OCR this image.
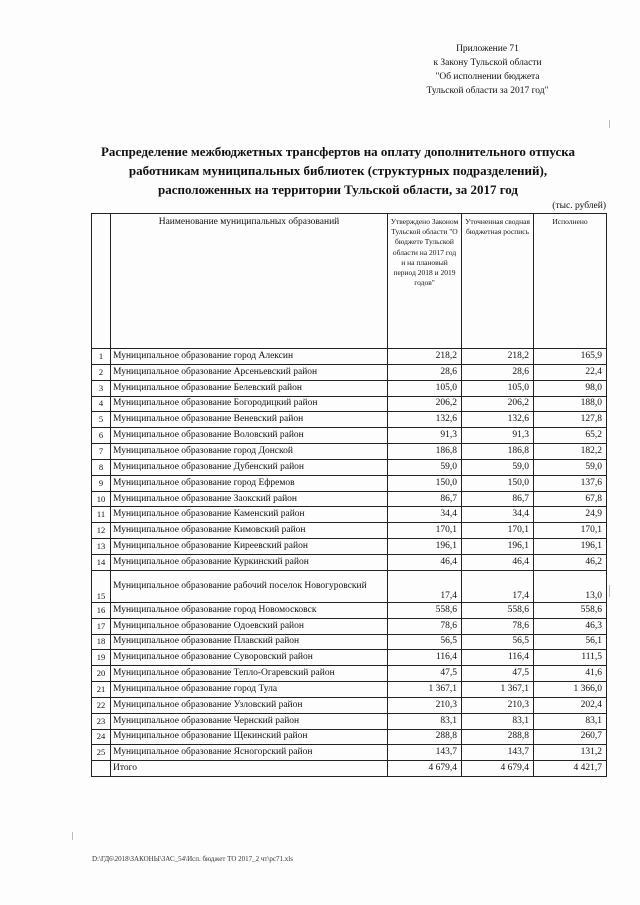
Приложение 71
к Закону Тульской области
"Об исполнении бюджета
Тульской области за 2017 год"
Распределение межбюджетных трансфертов на оплату дополнительного отпуска
работникам муниципальных библиотек (структурных подразделений),
расположенных на территории Тульской области, за 2017 год
(тыс. рублей)
	Наименование муниципальных образований	Утверждено Законом Тульской области "О бюджете Тульской области на 2017 год и на плановый период 2018 и 2019 годов"	Уточненная сводная бюджетная роспись	Исполнено
1	Муниципальное образование город Алексин	218,2	218,2	165,9
2	Муниципальное образование Арсеньевский район	28,6	28,6	22,4
3	Муниципальное образование Белевский район	105,0	105,0	98,0
4	Муниципальное образование Богородицкий район	206,2	206,2	188,0
5	Муниципальное образование Веневский район	132,6	132,6	127,8
6	Муниципальное образование Воловский район	91,3	91,3	65,2
7	Муниципальное образование город Донской	186,8	186,8	182,2
8	Муниципальное образование Дубенский район	59,0	59,0	59,0
9	Муниципальное образование город Ефремов	150,0	150,0	137,6
10	Муниципальное образование Заокский район	86,7	86,7	67,8
11	Муниципальное образование Каменский район	34,4	34,4	24,9
12	Муниципальное образование Кимовский район	170,1	170,1	170,1
13	Муниципальное образование Киреевский район	196,1	196,1	196,1
14	Муниципальное образование Куркинский район	46,4	46,4	46,2
15	Муниципальное образование рабочий поселок Новогуровский	17,4	17,4	13,0
16	Муниципальное образование город Новомосковск	558,6	558,6	558,6
17	Муниципальное образование Одоевский район	78,6	78,6	46,3
18	Муниципальное образование Плавский район	56,5	56,5	56,1
19	Муниципальное образование Суворовский район	116,4	116,4	111,5
20	Муниципальное образование Тепло-Огаревский район	47,5	47,5	41,6
21	Муниципальное образование город Тула	1 367,1	1 367,1	1 366,0
22	Муниципальное образование Узловский район	210,3	210,3	202,4
23	Муниципальное образование Чернский район	83,1	83,1	83,1
24	Муниципальное образование Щекинский район	288,8	288,8	260,7
25	Муниципальное образование Ясногорский район	143,7	143,7	131,2
	Итого	4 679,4	4 679,4	4 421,7
D:\ГД6\2018\ЗАКОНЫ\ЗАС_54\Исп. бюджет ТО 2017_2 чт\рс71.xls
